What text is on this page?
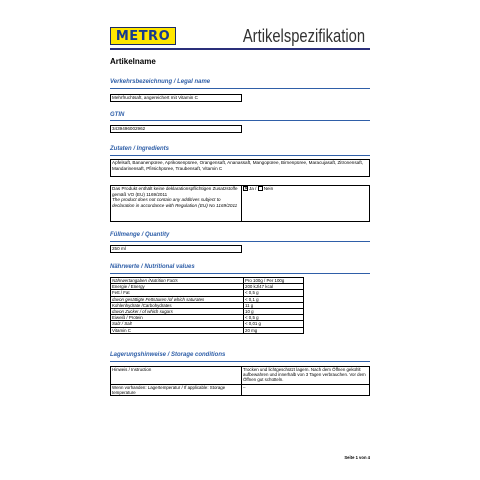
METRO	Artikelspezifikation
Artikelname
Verkehrsbezeichnung / Legal name
Mehrfruchtsaft, angereichert mit Vitamin C
GTIN
3439496002962
Zutaten / Ingredients
Apfelsaft, Bananenpüree, Aprikosenpüree, Orangensaft, Ananassaft, Mangopüree, Birnenpüree, Maracujasaft, Zitronensaft, Mandarinensaft, Pfirsichpüree, Traubensaft, Vitamin C
Das Produkt enthält keine deklarationspflichtigen Zusatzstoffe gemäß VO (EU) 1169/2011
The product does not contain any additives subject to declaration in accordance with Regulation (EU) No 1169/2011
✕Ja / Nein
Füllmenge / Quantity
250 ml
Nährwerte / Nutritional values
Nährwertangaben /Nutrition Facts	Pro 100g / Per 100g
Energie / Energy	200 kJ/47 kcal
Fett / Fat	< 0,5 g
davon gesättigte Fettsäuren /of which saturates	< 0,1 g
Kohlenhydrate /Carbohydrates	11 g
davon Zucker / of which sugars	10 g
Eiweiß / Protein	< 0,5 g
Salz / Salt	< 0,01 g
Vitamin C	20 mg
Lagerungshinweise / Storage conditions
Hinweis / Instruction	Trocken und lichtgeschützt lagern. Nach dem Öffnen gekühlt aufbewahren und innerhalb von 3 Tagen verbrauchen. Vor dem Öffnen gut schütteln.
Wenn vorhanden: Lagertemperatur / If applicable: Storage temperature	–
Seite 1 von 4
